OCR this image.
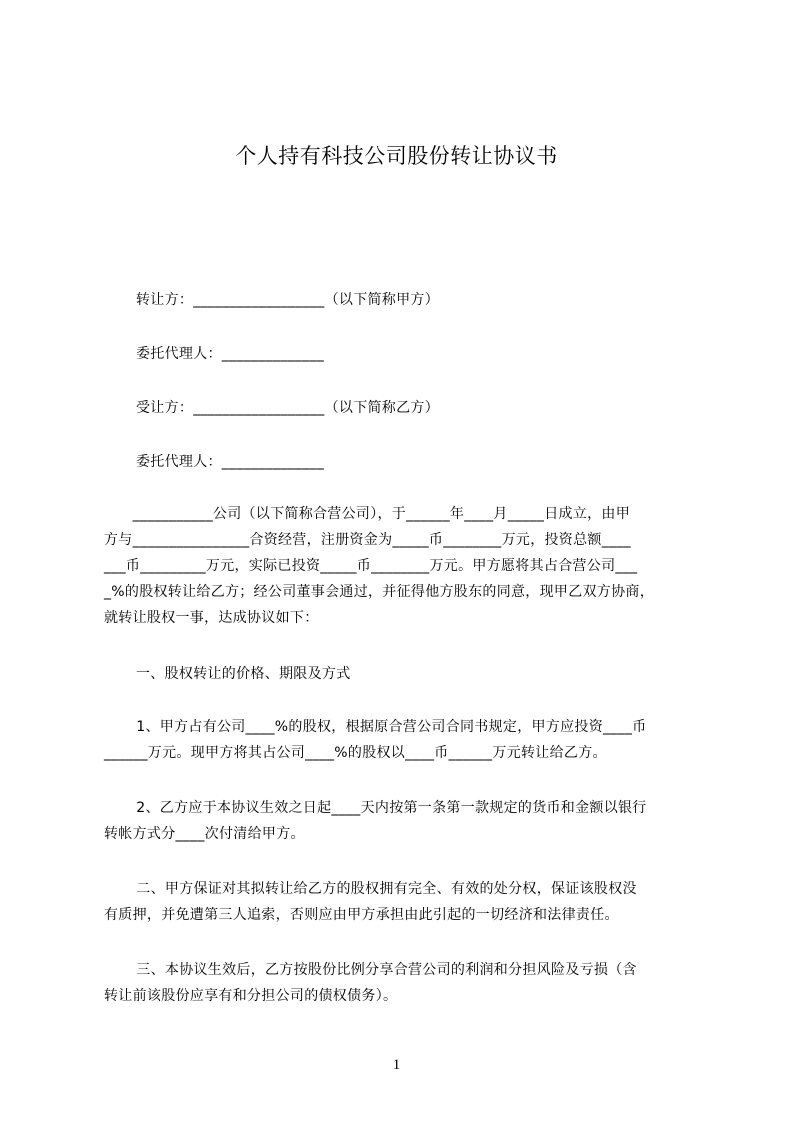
个人持有科技公司股份转让协议书
转让方：__________________（以下简称甲方）
委托代理人：______________
受让方：__________________（以下简称乙方）
委托代理人：______________
　　___________公司（以下简称合营公司），于______年____月_____日成立，由甲
方与________________合资经营，注册资金为_____币________万元，投资总额____
___币_________万元，实际已投资_____币________万元。甲方愿将其占合营公司___
_%的股权转让给乙方；经公司董事会通过，并征得他方股东的同意，现甲乙双方协商，
就转让股权一事，达成协议如下：
一、股权转让的价格、期限及方式
　1、甲方占有公司____%的股权，根据原合营公司合同书规定，甲方应投资____币
______万元。现甲方将其占公司____%的股权以____币______万元转让给乙方。
　2、乙方应于本协议生效之日起____天内按第一条第一款规定的货币和金额以银行
转帐方式分____次付清给甲方。
　二、甲方保证对其拟转让给乙方的股权拥有完全、有效的处分权，保证该股权没
有质押，并免遭第三人追索，否则应由甲方承担由此引起的一切经济和法律责任。
　三、本协议生效后，乙方按股份比例分享合营公司的利润和分担风险及亏损（含
转让前该股份应享有和分担公司的债权债务）。
1
